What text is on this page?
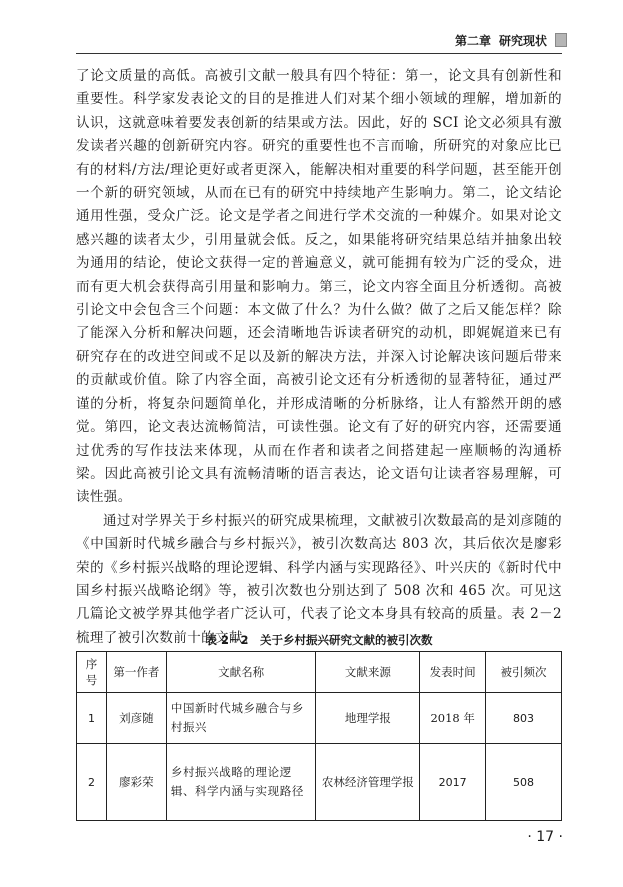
第二章 研究现状

了论文质量的高低。高被引文献一般具有四个特征：第一，论文具有创新性和重要性。科学家发表论文的目的是推进人们对某个细小领域的理解，增加新的认识，这就意味着要发表创新的结果或方法。因此，好的 SCI 论文必须具有激发读者兴趣的创新研究内容。研究的重要性也不言而喻，所研究的对象应比已有的材料/方法/理论更好或者更深入，能解决相对重要的科学问题，甚至能开创一个新的研究领域，从而在已有的研究中持续地产生影响力。第二，论文结论通用性强，受众广泛。论文是学者之间进行学术交流的一种媒介。如果对论文感兴趣的读者太少，引用量就会低。反之，如果能将研究结果总结并抽象出较为通用的结论，使论文获得一定的普遍意义，就可能拥有较为广泛的受众，进而有更大机会获得高引用量和影响力。第三，论文内容全面且分析透彻。高被引论文中会包含三个问题：本文做了什么？为什么做？做了之后又能怎样？除了能深入分析和解决问题，还会清晰地告诉读者研究的动机，即娓娓道来已有研究存在的改进空间或不足以及新的解决方法，并深入讨论解决该问题后带来的贡献或价值。除了内容全面，高被引论文还有分析透彻的显著特征，通过严谨的分析，将复杂问题简单化，并形成清晰的分析脉络，让人有豁然开朗的感觉。第四，论文表达流畅简洁，可读性强。论文有了好的研究内容，还需要通过优秀的写作技法来体现，从而在作者和读者之间搭建起一座顺畅的沟通桥梁。因此高被引论文具有流畅清晰的语言表达，论文语句让读者容易理解，可读性强。

通过对学界关于乡村振兴的研究成果梳理，文献被引次数最高的是刘彦随的《中国新时代城乡融合与乡村振兴》，被引次数高达 803 次，其后依次是廖彩荣的《乡村振兴战略的理论逻辑、科学内涵与实现路径》、叶兴庆的《新时代中国乡村振兴战略论纲》等，被引次数也分别达到了 508 次和 465 次。可见这几篇论文被学界其他学者广泛认可，代表了论文本身具有较高的质量。表 2－2 梳理了被引次数前十的文献。

表 2－2　关于乡村振兴研究文献的被引次数
序号	第一作者	文献名称	文献来源	发表时间	被引频次
1	刘彦随	中国新时代城乡融合与乡村振兴	地理学报	2018 年	803
2	廖彩荣	乡村振兴战略的理论逻辑、科学内涵与实现路径	农林经济管理学报	2017	508
· 17 ·
